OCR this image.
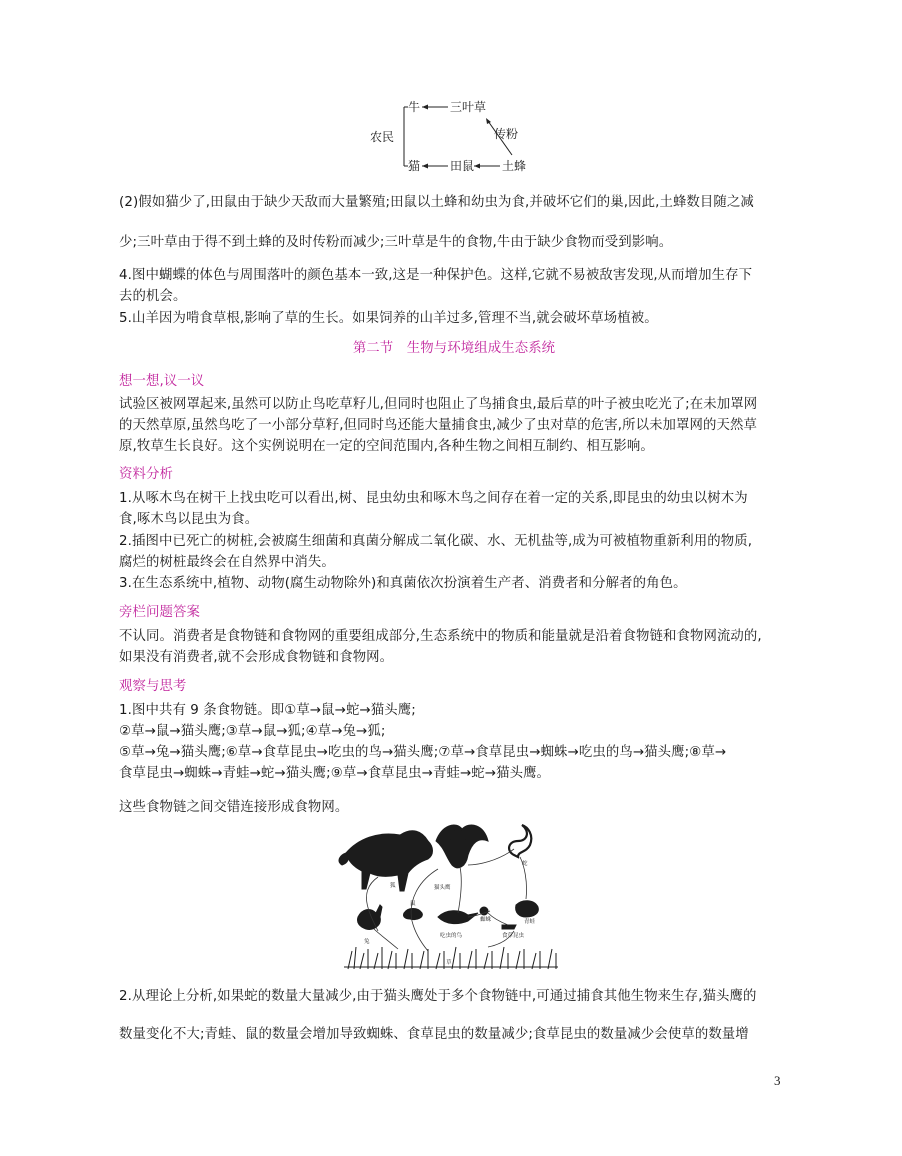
农民
牛 三叶草
传粉
猫 田鼠 土蜂
(2)假如猫少了,田鼠由于缺少天敌而大量繁殖;田鼠以土蜂和幼虫为食,并破坏它们的巢,因此,土蜂数目随之减
少;三叶草由于得不到土蜂的及时传粉而减少;三叶草是牛的食物,牛由于缺少食物而受到影响。
4.图中蝴蝶的体色与周围落叶的颜色基本一致,这是一种保护色。这样,它就不易被敌害发现,从而增加生存下
去的机会。
5.山羊因为啃食草根,影响了草的生长。如果饲养的山羊过多,管理不当,就会破坏草场植被。
第二节　生物与环境组成生态系统
想一想,议一议
试验区被网罩起来,虽然可以防止鸟吃草籽儿,但同时也阻止了鸟捕食虫,最后草的叶子被虫吃光了;在未加罩网
的天然草原,虽然鸟吃了一小部分草籽,但同时鸟还能大量捕食虫,减少了虫对草的危害,所以未加罩网的天然草
原,牧草生长良好。这个实例说明在一定的空间范围内,各种生物之间相互制约、相互影响。
资料分析
1.从啄木鸟在树干上找虫吃可以看出,树、昆虫幼虫和啄木鸟之间存在着一定的关系,即昆虫的幼虫以树木为
食,啄木鸟以昆虫为食。
2.插图中已死亡的树桩,会被腐生细菌和真菌分解成二氧化碳、水、无机盐等,成为可被植物重新利用的物质,
腐烂的树桩最终会在自然界中消失。
3.在生态系统中,植物、动物(腐生动物除外)和真菌依次扮演着生产者、消费者和分解者的角色。
旁栏问题答案
不认同。消费者是食物链和食物网的重要组成部分,生态系统中的物质和能量就是沿着食物链和食物网流动的,
如果没有消费者,就不会形成食物链和食物网。
观察与思考
1.图中共有 9 条食物链。即①草→鼠→蛇→猫头鹰;
②草→鼠→猫头鹰;③草→鼠→狐;④草→兔→狐;
⑤草→兔→猫头鹰;⑥草→食草昆虫→吃虫的鸟→猫头鹰;⑦草→食草昆虫→蜘蛛→吃虫的鸟→猫头鹰;⑧草→
食草昆虫→蜘蛛→青蛙→蛇→猫头鹰;⑨草→食草昆虫→青蛙→蛇→猫头鹰。
这些食物链之间交错连接形成食物网。
狐	猫头鹰
蛇
鼠
兔
吃虫的鸟
蜘蛛	青蛙
食草昆虫
草
2.从理论上分析,如果蛇的数量大量减少,由于猫头鹰处于多个食物链中,可通过捕食其他生物来生存,猫头鹰的
数量变化不大;青蛙、鼠的数量会增加导致蜘蛛、食草昆虫的数量减少;食草昆虫的数量减少会使草的数量增
3
